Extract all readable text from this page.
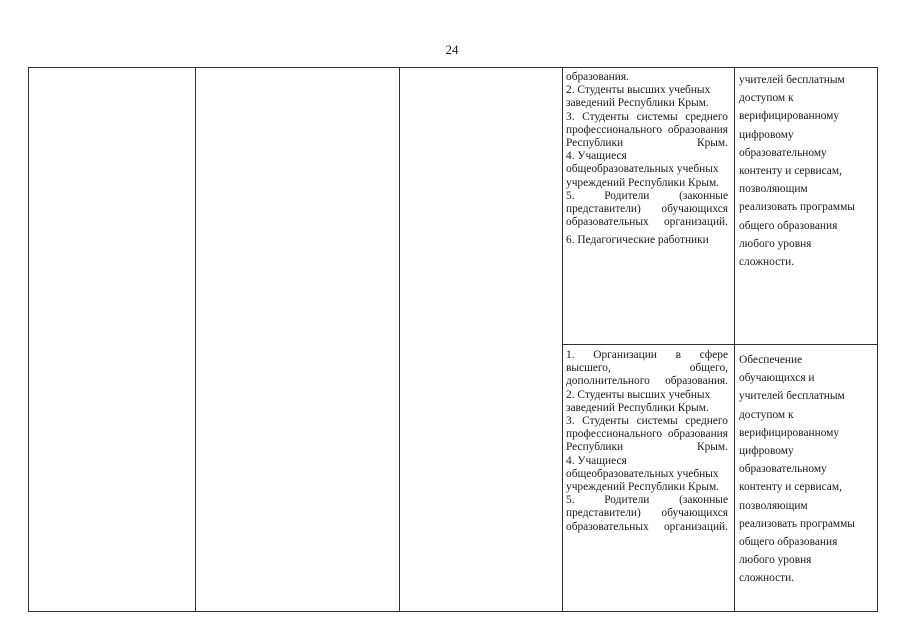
24

образования.

2. Студенты высших учебных заведений Республики Крым.

3. Студенты системы среднего профессионального образования Республики Крым.

4. Учащиеся общеобразовательных учебных учреждений Республики Крым.

5. Родители (законные представители) обучающихся образовательных организаций.

6. Педагогические работники

учителей бесплатным

доступом к

верифицированному

цифровому

образовательному

контенту и сервисам,

позволяющим

реализовать программы

общего образования

любого уровня

сложности.

1. Организации в сфере высшего, общего, дополнительного образования.

2. Студенты высших учебных заведений Республики Крым.

3. Студенты системы среднего профессионального образования Республики Крым.

4. Учащиеся общеобразовательных учебных учреждений Республики Крым.

5. Родители (законные представители) обучающихся образовательных организаций.

Обеспечение

обучающихся и

учителей бесплатным

доступом к

верифицированному

цифровому

образовательному

контенту и сервисам,

позволяющим

реализовать программы

общего образования

любого уровня

сложности.
